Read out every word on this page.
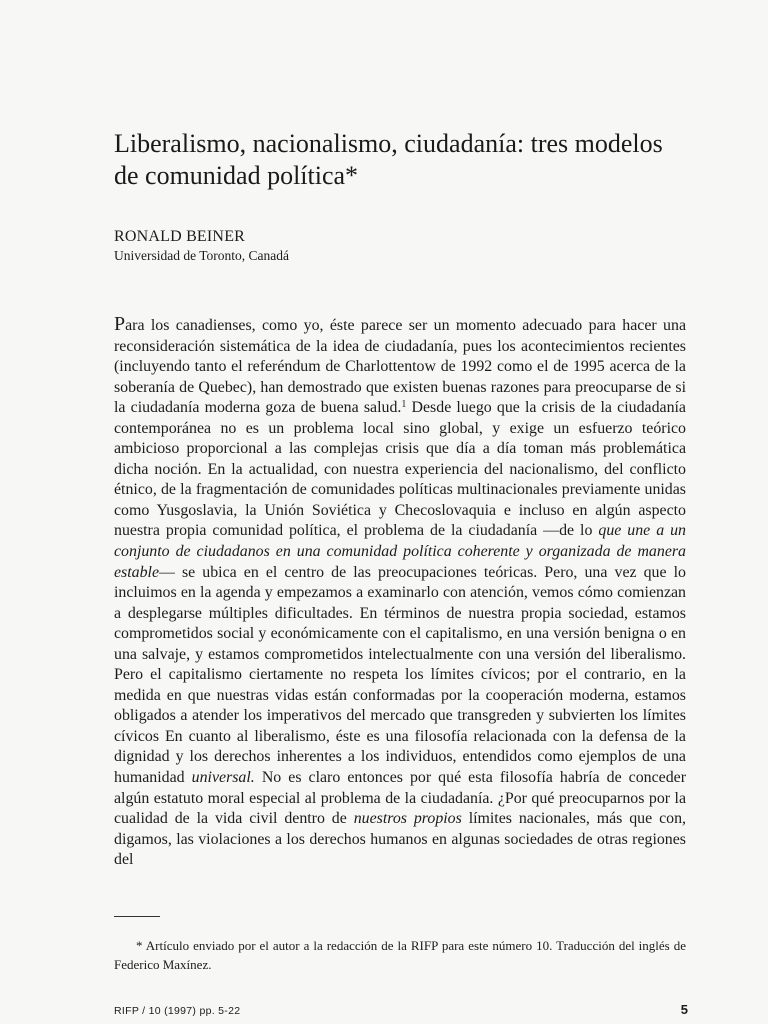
Liberalismo, nacionalismo, ciudadanía: tres modelos
de comunidad política*
RONALD BEINER
Universidad de Toronto, Canadá

Para los canadienses, como yo, éste parece ser un momento adecuado para hacer una reconsideración sistemática de la idea de ciudadanía, pues los acontecimientos recientes (incluyendo tanto el referéndum de Charlottentow de 1992 como el de 1995 acerca de la soberanía de Quebec), han demostrado que existen buenas razones para preocuparse de si la ciudadanía moderna goza de buena salud.$^1$ Desde luego que la crisis de la ciudadanía contemporánea no es un problema local sino global, y exige un esfuerzo teórico ambicioso proporcional a las complejas crisis que día a día toman más problemática dicha noción. En la actualidad, con nuestra experiencia del nacionalismo, del conflicto étnico, de la fragmentación de comunidades políticas multinacionales previamente unidas como Yusgoslavia, la Unión Soviética y Checoslovaquia e incluso en algún aspecto nuestra propia comunidad política, el problema de la ciudadanía —de lo que une a un conjunto de ciudadanos en una comunidad política coherente y organizada de manera estable— se ubica en el centro de las preocupaciones teóricas. Pero, una vez que lo incluimos en la agenda y empezamos a examinarlo con atención, vemos cómo comienzan a desplegarse múltiples dificultades. En términos de nuestra propia sociedad, estamos comprometidos social y económicamente con el capitalismo, en una versión benigna o en una salvaje, y estamos comprometidos intelectualmente con una versión del liberalismo. Pero el capitalismo ciertamente no respeta los límites cívicos; por el contrario, en la medida en que nuestras vidas están conformadas por la cooperación moderna, estamos obligados a atender los imperativos del mercado que transgreden y subvierten los límites cívicos En cuanto al liberalismo, éste es una filosofía relacionada con la defensa de la dignidad y los derechos inherentes a los individuos, entendidos como ejemplos de una humanidad universal. No es claro entonces por qué esta filosofía habría de conceder algún estatuto moral especial al problema de la ciudadanía. ¿Por qué preocuparnos por la cualidad de la vida civil dentro de nuestros propios límites nacionales, más que con, digamos, las violaciones a los derechos humanos en algunas sociedades de otras regiones del

* Artículo enviado por el autor a la redacción de la RIFP para este número 10. Traducción del inglés de Federico Maxínez.

RIFP / 10 (1997) pp. 5-22	5
